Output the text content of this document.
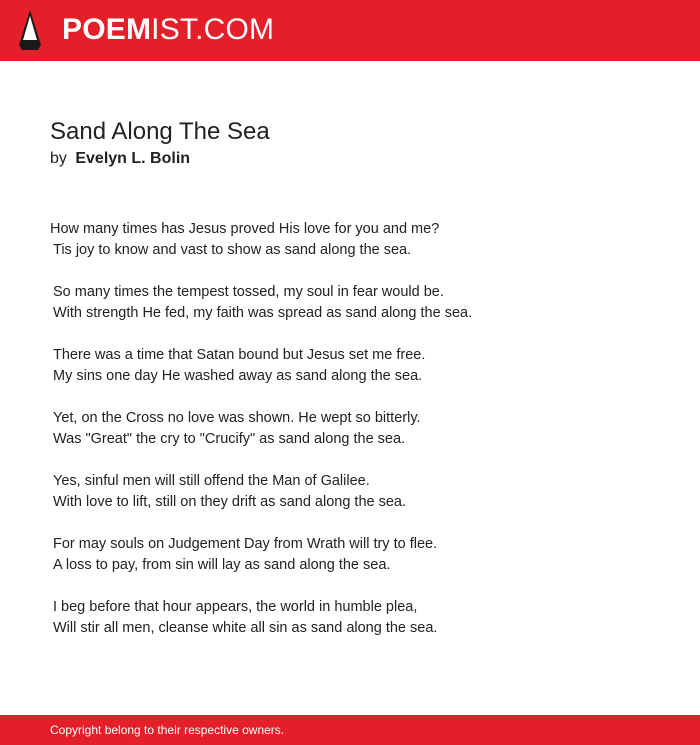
POEMIST.COM
Sand Along The Sea
by Evelyn L. Bolin
How many times has Jesus proved His love for you and me?
Tis joy to know and vast to show as sand along the sea.
So many times the tempest tossed, my soul in fear would be.
With strength He fed, my faith was spread as sand along the sea.
There was a time that Satan bound but Jesus set me free.
My sins one day He washed away as sand along the sea.
Yet, on the Cross no love was shown. He wept so bitterly.
Was "Great" the cry to "Crucify" as sand along the sea.
Yes, sinful men will still offend the Man of Galilee.
With love to lift, still on they drift as sand along the sea.
For may souls on Judgement Day from Wrath will try to flee.
A loss to pay, from sin will lay as sand along the sea.
I beg before that hour appears, the world in humble plea,
Will stir all men, cleanse white all sin as sand along the sea.
Copyright belong to their respective owners.
